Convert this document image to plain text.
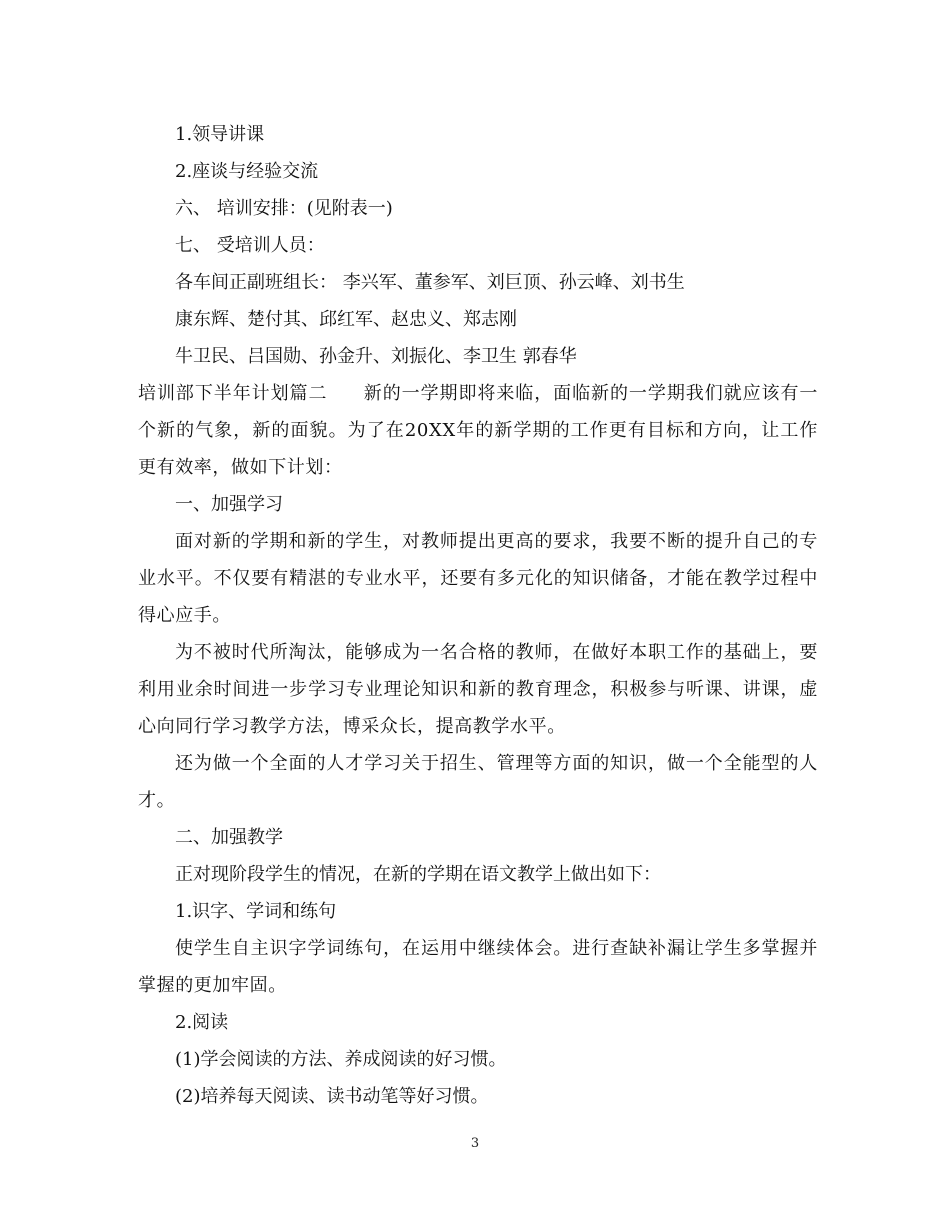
1.领导讲课
2.座谈与经验交流
六、 培训安排：(见附表一)
七、 受培训人员：
各车间正副班组长： 李兴军、董参军、刘巨顶、孙云峰、刘书生
康东辉、楚付其、邱红军、赵忠义、郑志刚
牛卫民、吕国勋、孙金升、刘振化、李卫生 郭春华
培训部下半年计划篇二 新的一学期即将来临，面临新的一学期我们就应该有一个新的气象，新的面貌。为了在20XX年的新学期的工作更有目标和方向，让工作更有效率，做如下计划：
一、加强学习
面对新的学期和新的学生，对教师提出更高的要求，我要不断的提升自己的专业水平。不仅要有精湛的专业水平，还要有多元化的知识储备，才能在教学过程中得心应手。
为不被时代所淘汰，能够成为一名合格的教师，在做好本职工作的基础上，要利用业余时间进一步学习专业理论知识和新的教育理念，积极参与听课、讲课，虚心向同行学习教学方法，博采众长，提高教学水平。
还为做一个全面的人才学习关于招生、管理等方面的知识，做一个全能型的人才。
二、加强教学
正对现阶段学生的情况，在新的学期在语文教学上做出如下：
1.识字、学词和练句
使学生自主识字学词练句，在运用中继续体会。进行查缺补漏让学生多掌握并掌握的更加牢固。
2.阅读
(1)学会阅读的方法、养成阅读的好习惯。
(2)培养每天阅读、读书动笔等好习惯。
3
